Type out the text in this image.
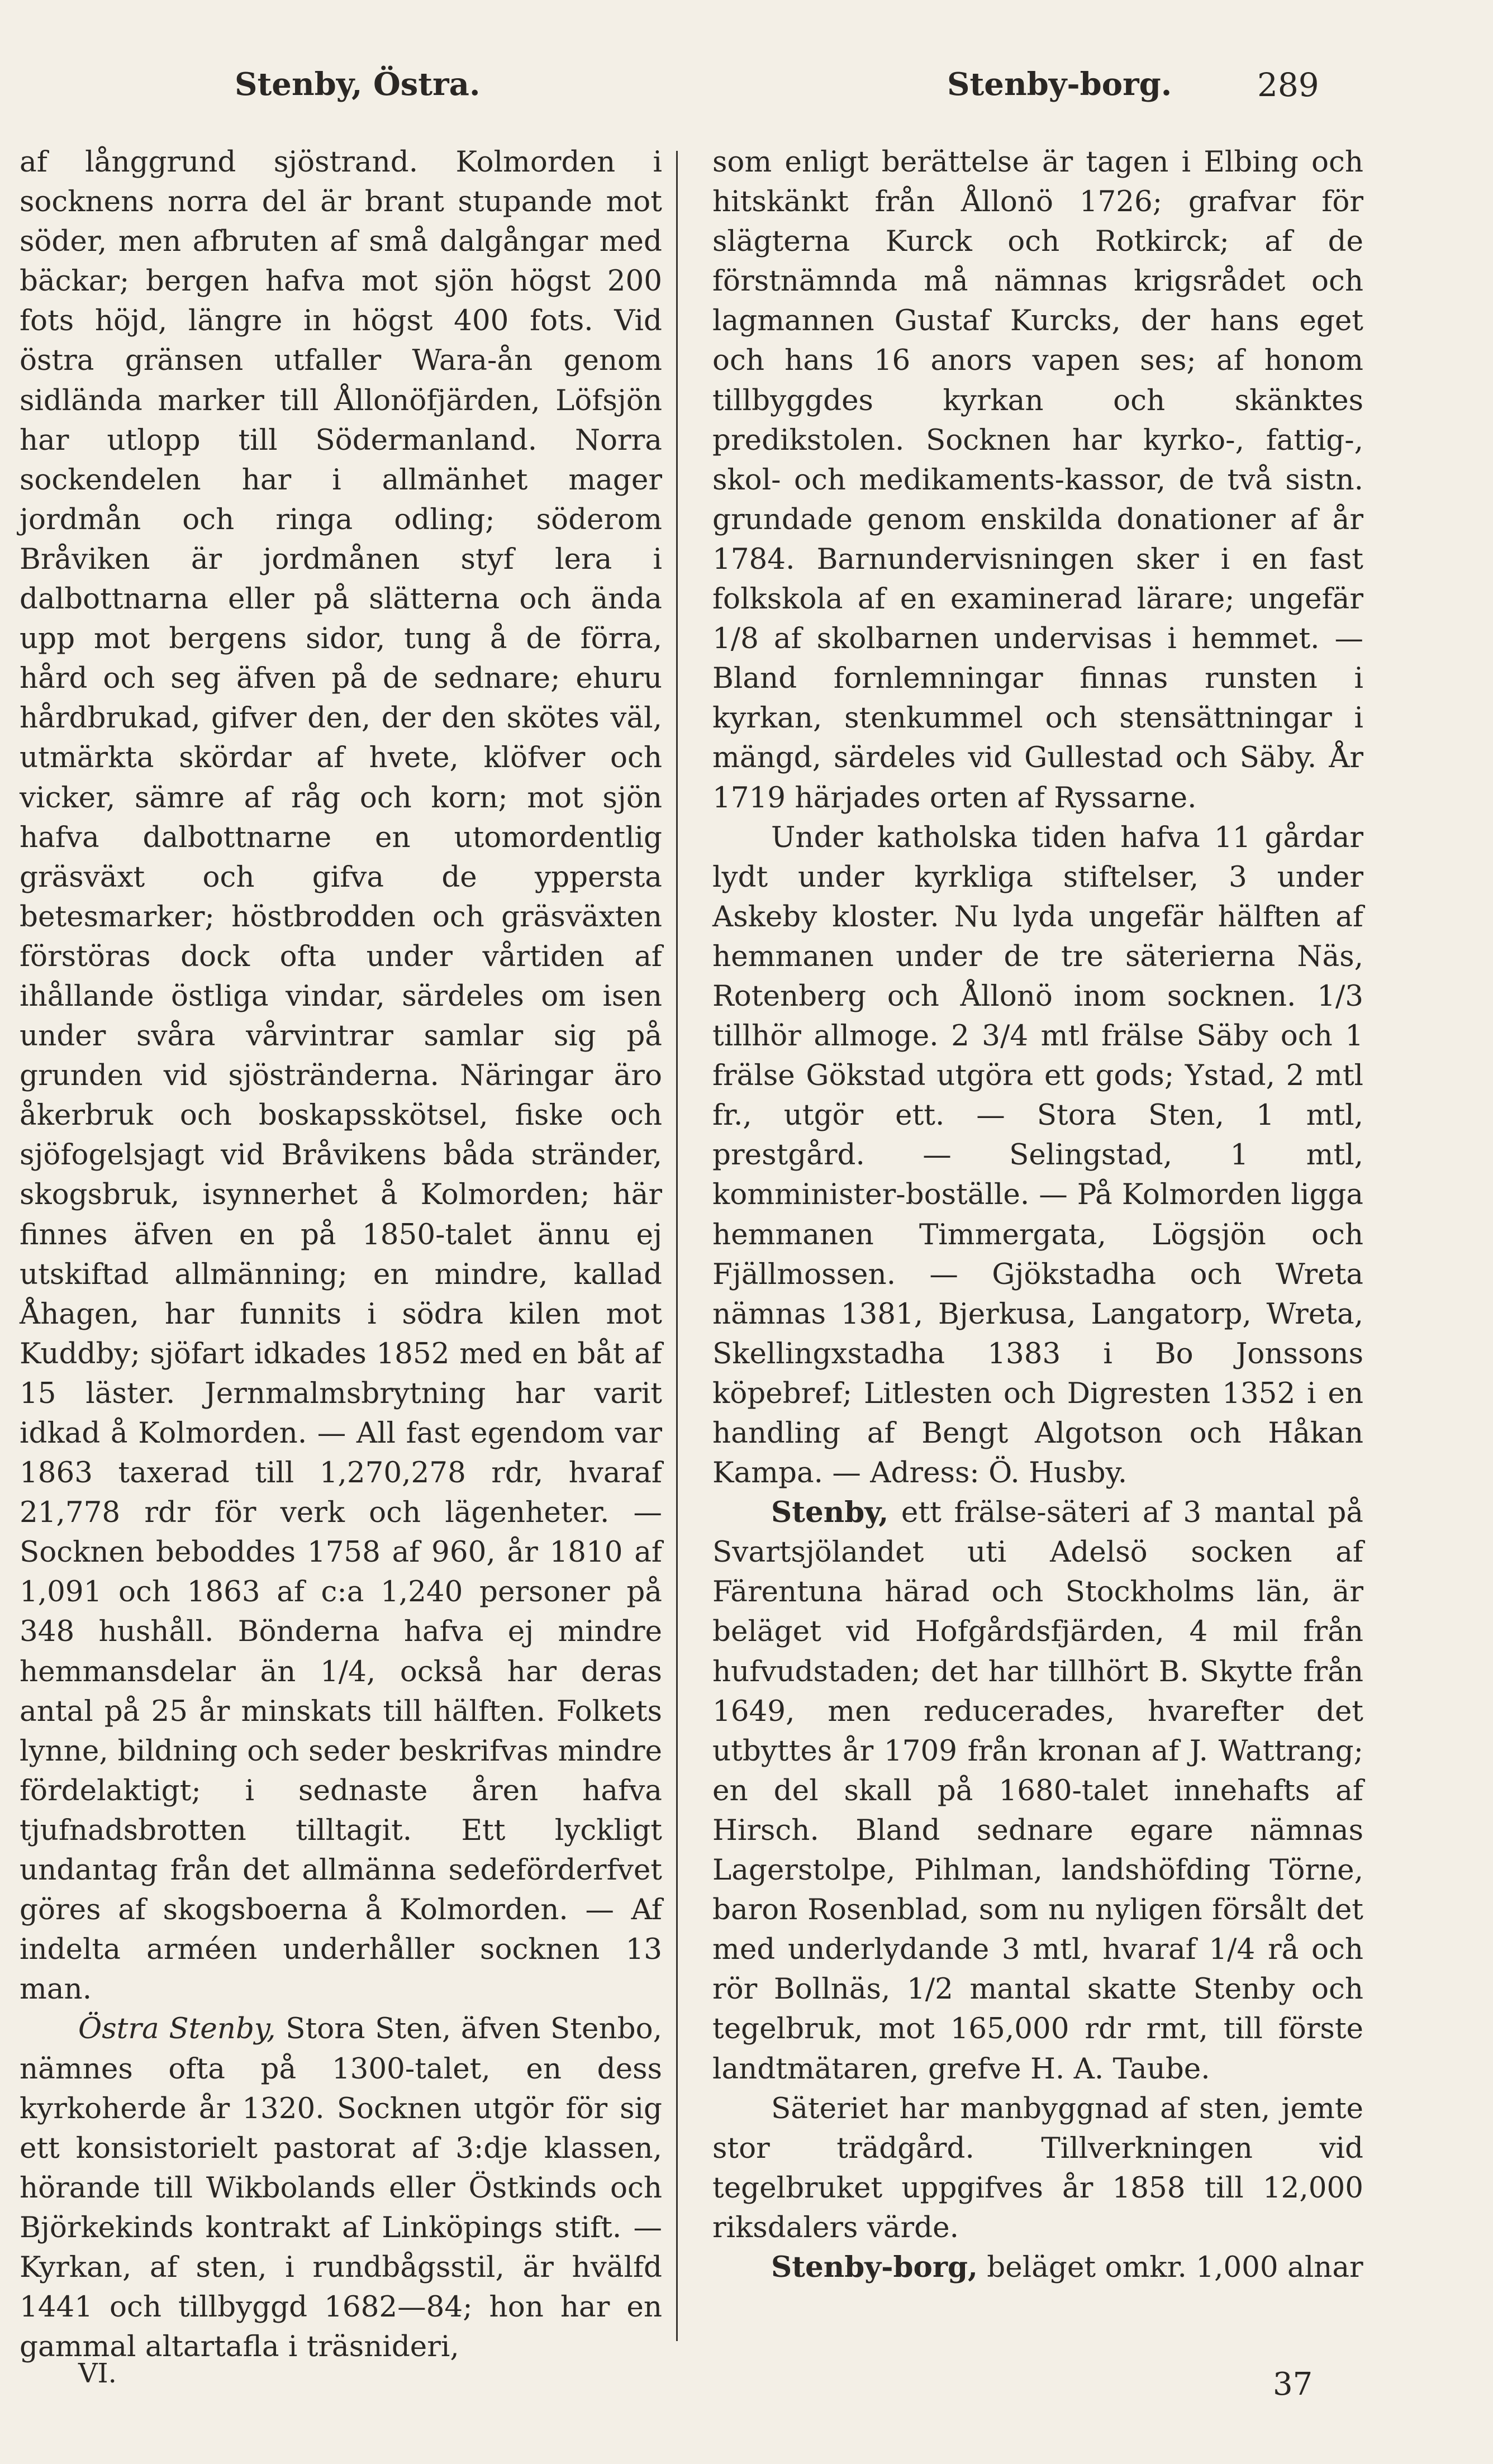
Stenby, Östra.	Stenby-borg.	289

af långgrund sjöstrand. Kolmorden i socknens norra del är brant stupande mot söder, men afbruten af små dalgångar med bäckar; bergen hafva mot sjön högst 200 fots höjd, längre in högst 400 fots. Vid östra gränsen utfaller Wara-ån genom sidlända marker till Ållonöfjärden, Löfsjön har utlopp till Södermanland. Norra sockendelen har i allmänhet mager jordmån och ringa odling; söderom Bråviken är jordmånen styf lera i dalbottnarna eller på slätterna och ända upp mot bergens sidor, tung å de förra, hård och seg äfven på de sednare; ehuru hårdbrukad, gifver den, der den skötes väl, utmärkta skördar af hvete, klöfver och vicker, sämre af råg och korn; mot sjön hafva dalbottnarne en utomordentlig gräsväxt och gifva de yppersta betesmarker; höstbrodden och gräsväxten förstöras dock ofta under vårtiden af ihållande östliga vindar, särdeles om isen under svåra vårvintrar samlar sig på grunden vid sjöstränderna. Näringar äro åkerbruk och boskapsskötsel, fiske och sjöfogelsjagt vid Bråvikens båda stränder, skogsbruk, isynnerhet å Kolmorden; här finnes äfven en på 1850-talet ännu ej utskiftad allmänning; en mindre, kallad Åhagen, har funnits i södra kilen mot Kuddby; sjöfart idkades 1852 med en båt af 15 läster. Jernmalmsbrytning har varit idkad å Kolmorden. — All fast egendom var 1863 taxerad till 1,270,278 rdr, hvaraf 21,778 rdr för verk och lägenheter. — Socknen beboddes 1758 af 960, år 1810 af 1,091 och 1863 af c:a 1,240 personer på 348 hushåll. Bönderna hafva ej mindre hemmansdelar än 1/4, också har deras antal på 25 år minskats till hälften. Folkets lynne, bildning och seder beskrifvas mindre fördelaktigt; i sednaste åren hafva tjufnadsbrotten tilltagit. Ett lyckligt undantag från det allmänna sedeförderfvet göres af skogsboerna å Kolmorden. — Af indelta arméen underhåller socknen 13 man.

Östra Stenby, Stora Sten, äfven Stenbo, nämnes ofta på 1300-talet, en dess kyrkoherde år 1320. Socknen utgör för sig ett konsistorielt pastorat af 3:dje klassen, hörande till Wikbolands eller Östkinds och Björkekinds kontrakt af Linköpings stift. — Kyrkan, af sten, i rundbågsstil, är hvälfd 1441 och tillbyggd 1682—84; hon har en gammal altartafla i träsnideri,

som enligt berättelse är tagen i Elbing och hitskänkt från Ållonö 1726; grafvar för slägterna Kurck och Rotkirck; af de förstnämnda må nämnas krigsrådet och lagmannen Gustaf Kurcks, der hans eget och hans 16 anors vapen ses; af honom tillbyggdes kyrkan och skänktes predikstolen. Socknen har kyrko-, fattig-, skol- och medikaments-kassor, de två sistn. grundade genom enskilda donationer af år 1784. Barnundervisningen sker i en fast folkskola af en examinerad lärare; ungefär 1/8 af skolbarnen undervisas i hemmet. — Bland fornlemningar finnas runsten i kyrkan, stenkummel och stensättningar i mängd, särdeles vid Gullestad och Säby. År 1719 härjades orten af Ryssarne.

Under katholska tiden hafva 11 gårdar lydt under kyrkliga stiftelser, 3 under Askeby kloster. Nu lyda ungefär hälften af hemmanen under de tre säterierna Näs, Rotenberg och Ållonö inom socknen. 1/3 tillhör allmoge. 2 3/4 mtl frälse Säby och 1 frälse Gökstad utgöra ett gods; Ystad, 2 mtl fr., utgör ett. — Stora Sten, 1 mtl, prestgård. — Selingstad, 1 mtl, komminister-boställe. — På Kolmorden ligga hemmanen Timmergata, Lögsjön och Fjällmossen. — Gjökstadha och Wreta nämnas 1381, Bjerkusa, Langatorp, Wreta, Skellingxstadha 1383 i Bo Jonssons köpebref; Litlesten och Digresten 1352 i en handling af Bengt Algotson och Håkan Kampa. — Adress: Ö. Husby.

Stenby, ett frälse-säteri af 3 mantal på Svartsjölandet uti Adelsö socken af Färentuna härad och Stockholms län, är beläget vid Hofgårdsfjärden, 4 mil från hufvudstaden; det har tillhört B. Skytte från 1649, men reducerades, hvarefter det utbyttes år 1709 från kronan af J. Wattrang; en del skall på 1680-talet innehafts af Hirsch. Bland sednare egare nämnas Lagerstolpe, Pihlman, landshöfding Törne, baron Rosenblad, som nu nyligen försålt det med underlydande 3 mtl, hvaraf 1/4 rå och rör Bollnäs, 1/2 mantal skatte Stenby och tegelbruk, mot 165,000 rdr rmt, till förste landtmätaren, grefve H. A. Taube.

Säteriet har manbyggnad af sten, jemte stor trädgård. Tillverkningen vid tegelbruket uppgifves år 1858 till 12,000 riksdalers värde.

Stenby-borg, beläget omkr. 1,000 alnar

VI.	37
